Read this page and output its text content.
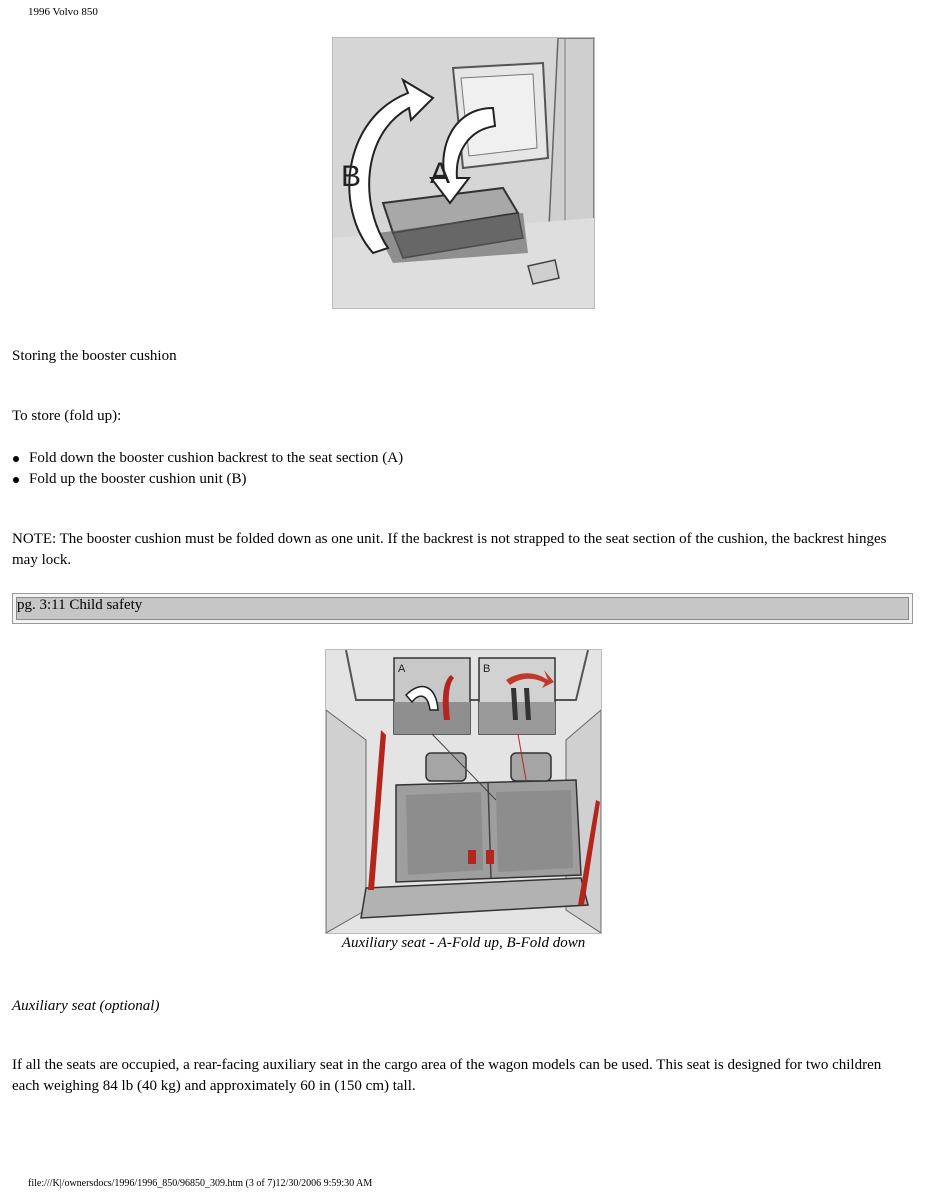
1996 Volvo 850
B A
Storing the booster cushion
To store (fold up):
Fold down the booster cushion backrest to the seat section (A)
Fold up the booster cushion unit (B)
NOTE: The booster cushion must be folded down as one unit. If the backrest is not strapped to the seat section of the cushion, the backrest hinges may lock.
pg. 3:11 Child safety
A	B
Auxiliary seat - A-Fold up, B-Fold down
Auxiliary seat (optional)
If all the seats are occupied, a rear-facing auxiliary seat in the cargo area of the wagon models can be used. This seat is designed for two children each weighing 84 lb (40 kg) and approximately 60 in (150 cm) tall.
file:///K|/ownersdocs/1996/1996_850/96850_309.htm (3 of 7)12/30/2006 9:59:30 AM
